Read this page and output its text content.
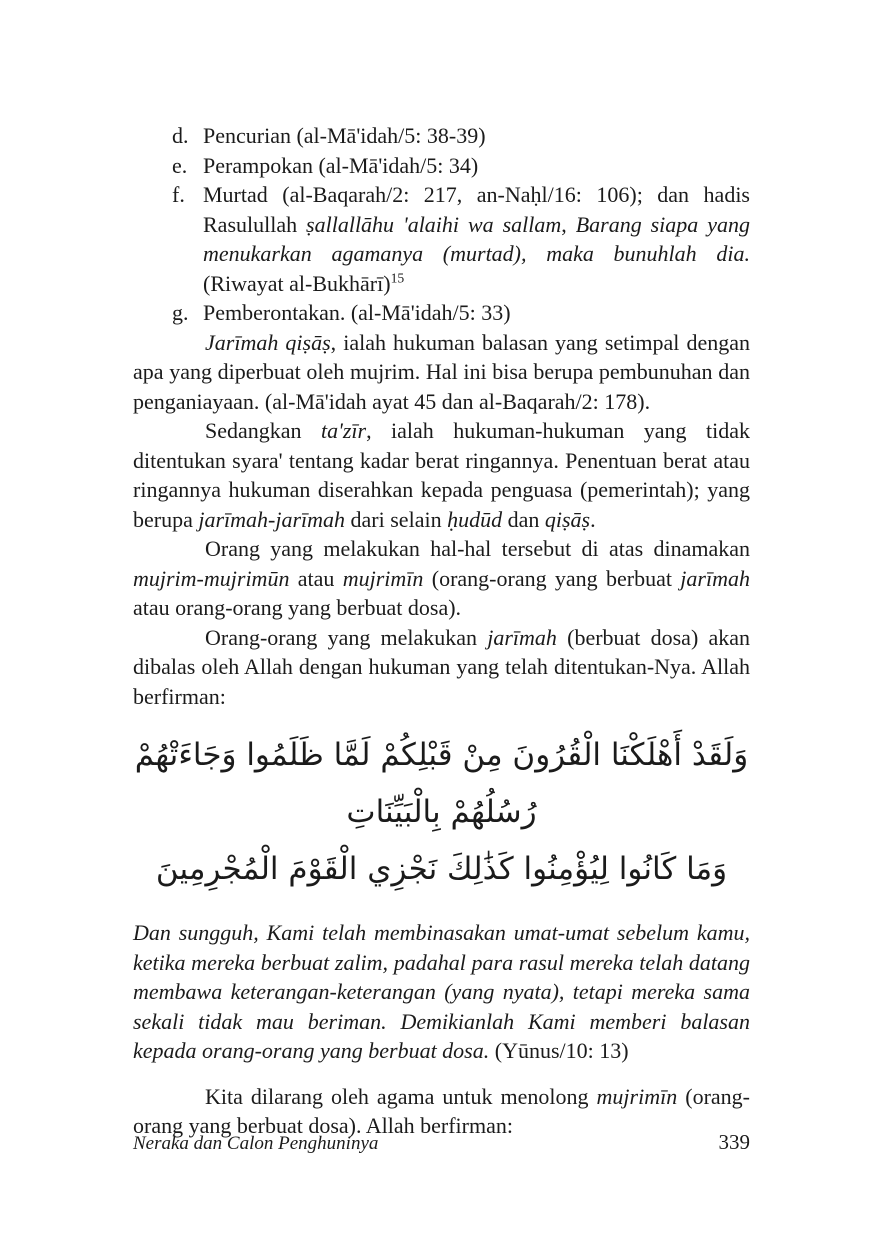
d. Pencurian (al-Mā'idah/5: 38-39)
e. Perampokan (al-Mā'idah/5: 34)
f. Murtad (al-Baqarah/2: 217, an-Naḥl/16: 106); dan hadis Rasulullah ṣallallāhu 'alaihi wa sallam, Barang siapa yang menukarkan agamanya (murtad), maka bunuhlah dia. (Riwayat al-Bukhārī)$^{15}$
g. Pemberontakan. (al-Mā'idah/5: 33)

Jarīmah qiṣāṣ, ialah hukuman balasan yang setimpal dengan apa yang diperbuat oleh mujrim. Hal ini bisa berupa pembunuhan dan penganiayaan. (al-Mā'idah ayat 45 dan al-Baqarah/2: 178).

Sedangkan ta'zīr, ialah hukuman-hukuman yang tidak ditentukan syara' tentang kadar berat ringannya. Penentuan berat atau ringannya hukuman diserahkan kepada penguasa (pemerintah); yang berupa jarīmah-jarīmah dari selain ḥudūd dan qiṣāṣ.

Orang yang melakukan hal-hal tersebut di atas dinamakan mujrim-mujrimūn atau mujrimīn (orang-orang yang berbuat jarīmah atau orang-orang yang berbuat dosa).

Orang-orang yang melakukan jarīmah (berbuat dosa) akan dibalas oleh Allah dengan hukuman yang telah ditentukan-Nya. Allah berfirman:

وَلَقَدْ أَهْلَكْنَا الْقُرُونَ مِنْ قَبْلِكُمْ لَمَّا ظَلَمُوا وَجَاءَتْهُمْ رُسُلُهُمْ بِالْبَيِّنَاتِ
وَمَا كَانُوا لِيُؤْمِنُوا كَذَٰلِكَ نَجْزِي الْقَوْمَ الْمُجْرِمِينَ

Dan sungguh, Kami telah membinasakan umat-umat sebelum kamu, ketika mereka berbuat zalim, padahal para rasul mereka telah datang membawa keterangan-keterangan (yang nyata), tetapi mereka sama sekali tidak mau beriman. Demikianlah Kami memberi balasan kepada orang-orang yang berbuat dosa. (Yūnus/10: 13)

Kita dilarang oleh agama untuk menolong mujrimīn (orang-orang yang berbuat dosa). Allah berfirman:

Neraka dan Calon Penghuninya	339
